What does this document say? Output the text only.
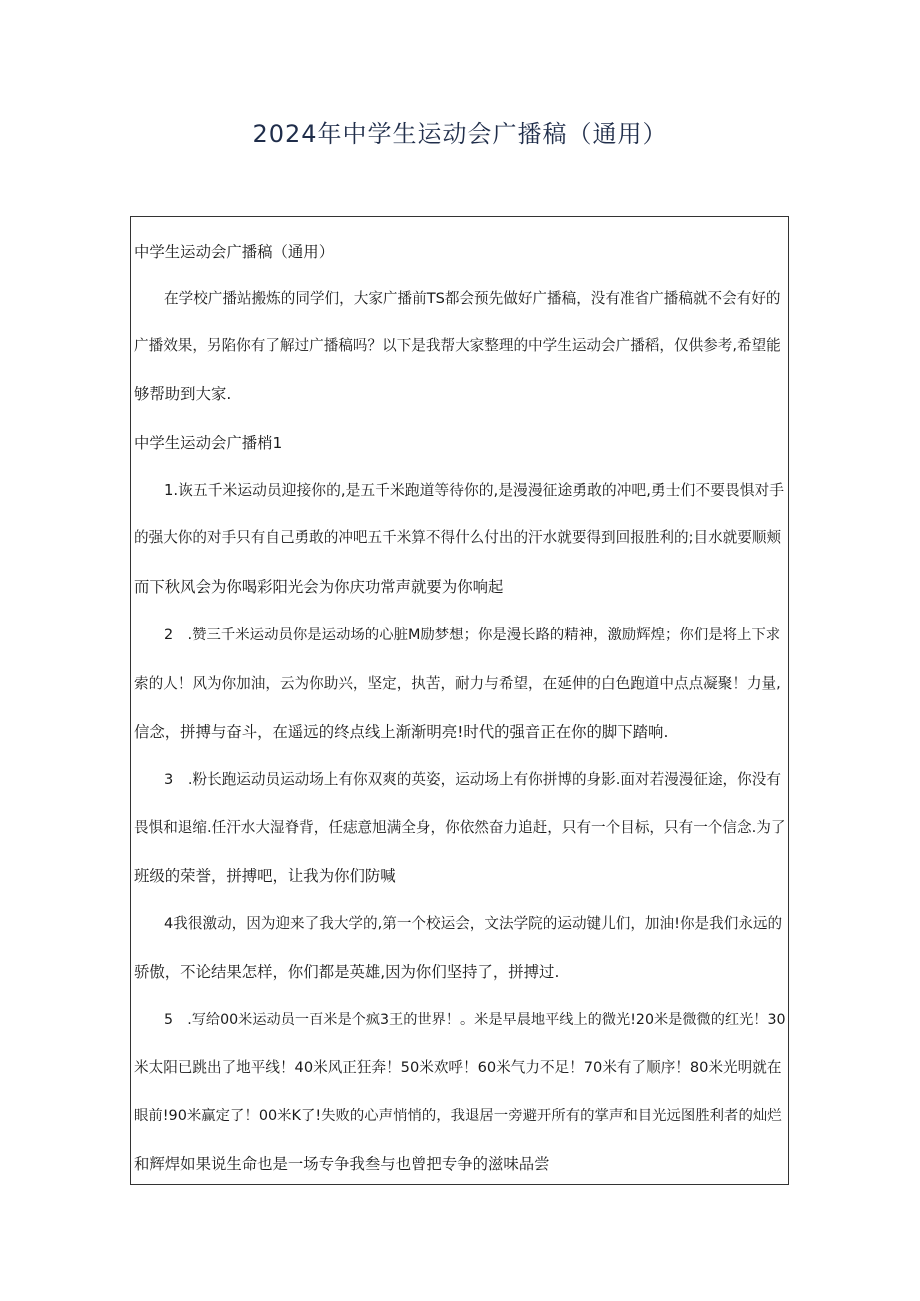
2024年中学生运动会广播稿（通用）
中学生运动会广播稿（通用）
在学校广播站搬炼的同学们，大家广播前TS都会预先做好广播稿，没有准省广播稿就不会有好的
广播效果，另陷你有了解过广播稿吗？以下是我帮大家整理的中学生运动会广播稻，仅供参考,希望能
够帮助到大家.
中学生运动会广播梢1
1.诙五千米运动员迎接你的,是五千米跑道等待你的,是漫漫征途勇敢的冲吧,勇士们不要畏惧对手
的强大你的对手只有自己勇敢的冲吧五千米算不得什么付出的汗水就要得到回报胜利的;目水就要顺颊
而下秋风会为你喝彩阳光会为你庆功常声就要为你响起
2　.赞三千米运动员你是运动场的心脏M励梦想；你是漫长路的精神，激励辉煌；你们是将上下求
索的人！风为你加油，云为你助兴，坚定，执苦，耐力与希望，在延伸的白色跑道中点点凝聚！力量,
信念，拼搏与奋斗，在遥远的终点线上渐渐明亮!时代的强音正在你的脚下踏响.
3　.粉长跑运动员运动场上有你双爽的英姿，运动场上有你拼博的身影.面对若漫漫征途，你没有
畏惧和退缩.任汗水大湿脊背，任痣意旭满全身，你依然奋力追赶，只有一个目标，只有一个信念.为了
班级的荣誉，拼搏吧，让我为你们防喊
4我很激动，因为迎来了我大学的,第一个校运会，文法学院的运动键儿们，加油!你是我们永远的
骄傲，不论结果怎样，你们都是英雄,因为你们坚持了，拼搏过.
5　.写给00米运动员一百米是个疯3王的世界！。米是早晨地平线上的微光!20米是微微的红光！30
米太阳已跳出了地平线！40米风正狂奔！50米欢呼！60米气力不足！70米有了顺序！80米光明就在
眼前!90米赢定了！00米K了!失败的心声悄悄的，我退居一旁避开所有的掌声和目光远图胜利者的灿烂
和辉焊如果说生命也是一场专争我叁与也曾把专争的滋味品尝
